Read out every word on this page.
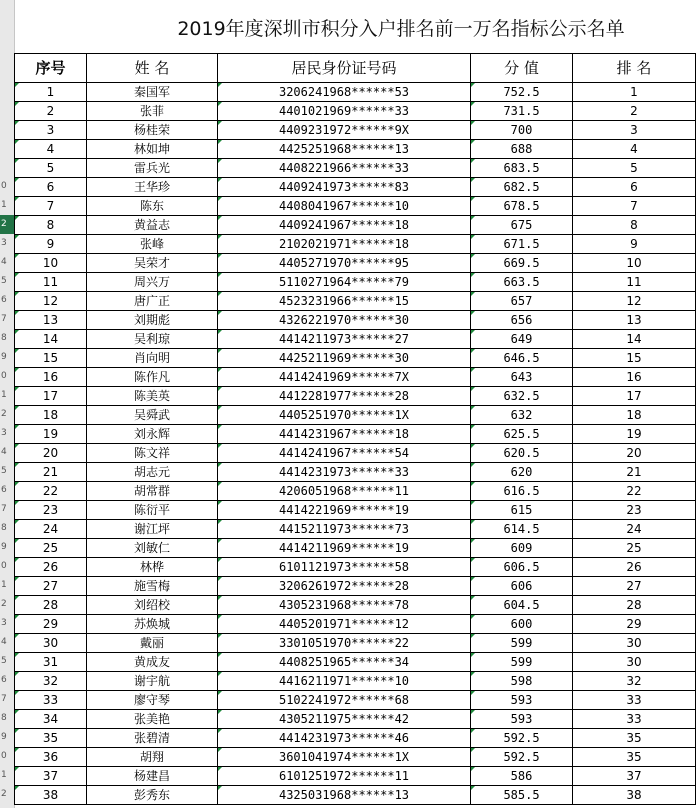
0
1
2
3
4
5
6
7
8
9
0
1
2
3
4
5
6
7
8
9
0
1
2
3
4
5
6
7
8
9
0
1
2
2019年度深圳市积分入户排名前一万名指标公示名单
序号	姓 名	居民身份证号码	分 值	排 名
1	秦国军	3206241968******53	752.5	1
2	张菲	4401021969******33	731.5	2
3	杨桂荣	4409231972******9X	700	3
4	林如坤	4425251968******13	688	4
5	雷兵光	4408221966******33	683.5	5
6	王华珍	4409241973******83	682.5	6
7	陈东	4408041967******10	678.5	7
8	黄益志	4409241967******18	675	8
9	张峰	2102021971******18	671.5	9
10	吴荣才	4405271970******95	669.5	10
11	周兴万	5110271964******79	663.5	11
12	唐广正	4523231966******15	657	12
13	刘期彪	4326221970******30	656	13
14	吴利琼	4414211973******27	649	14
15	肖向明	4425211969******30	646.5	15
16	陈作凡	4414241969******7X	643	16
17	陈美英	4412281977******28	632.5	17
18	吴舜武	4405251970******1X	632	18
19	刘永辉	4414231967******18	625.5	19
20	陈文祥	4414241967******54	620.5	20
21	胡志元	4414231973******33	620	21
22	胡常群	4206051968******11	616.5	22
23	陈衍平	4414221969******19	615	23
24	谢江坪	4415211973******73	614.5	24
25	刘敏仁	4414211969******19	609	25
26	林桦	6101121973******58	606.5	26
27	施雪梅	3206261972******28	606	27
28	刘绍校	4305231968******78	604.5	28
29	苏焕城	4405201971******12	600	29
30	戴丽	3301051970******22	599	30
31	黄成友	4408251965******34	599	30
32	谢宇航	4416211971******10	598	32
33	廖守琴	5102241972******68	593	33
34	张美艳	4305211975******42	593	33
35	张碧清	4414231973******46	592.5	35
36	胡翔	3601041974******1X	592.5	35
37	杨建昌	6101251972******11	586	37
38	彭秀东	4325031968******13	585.5	38
